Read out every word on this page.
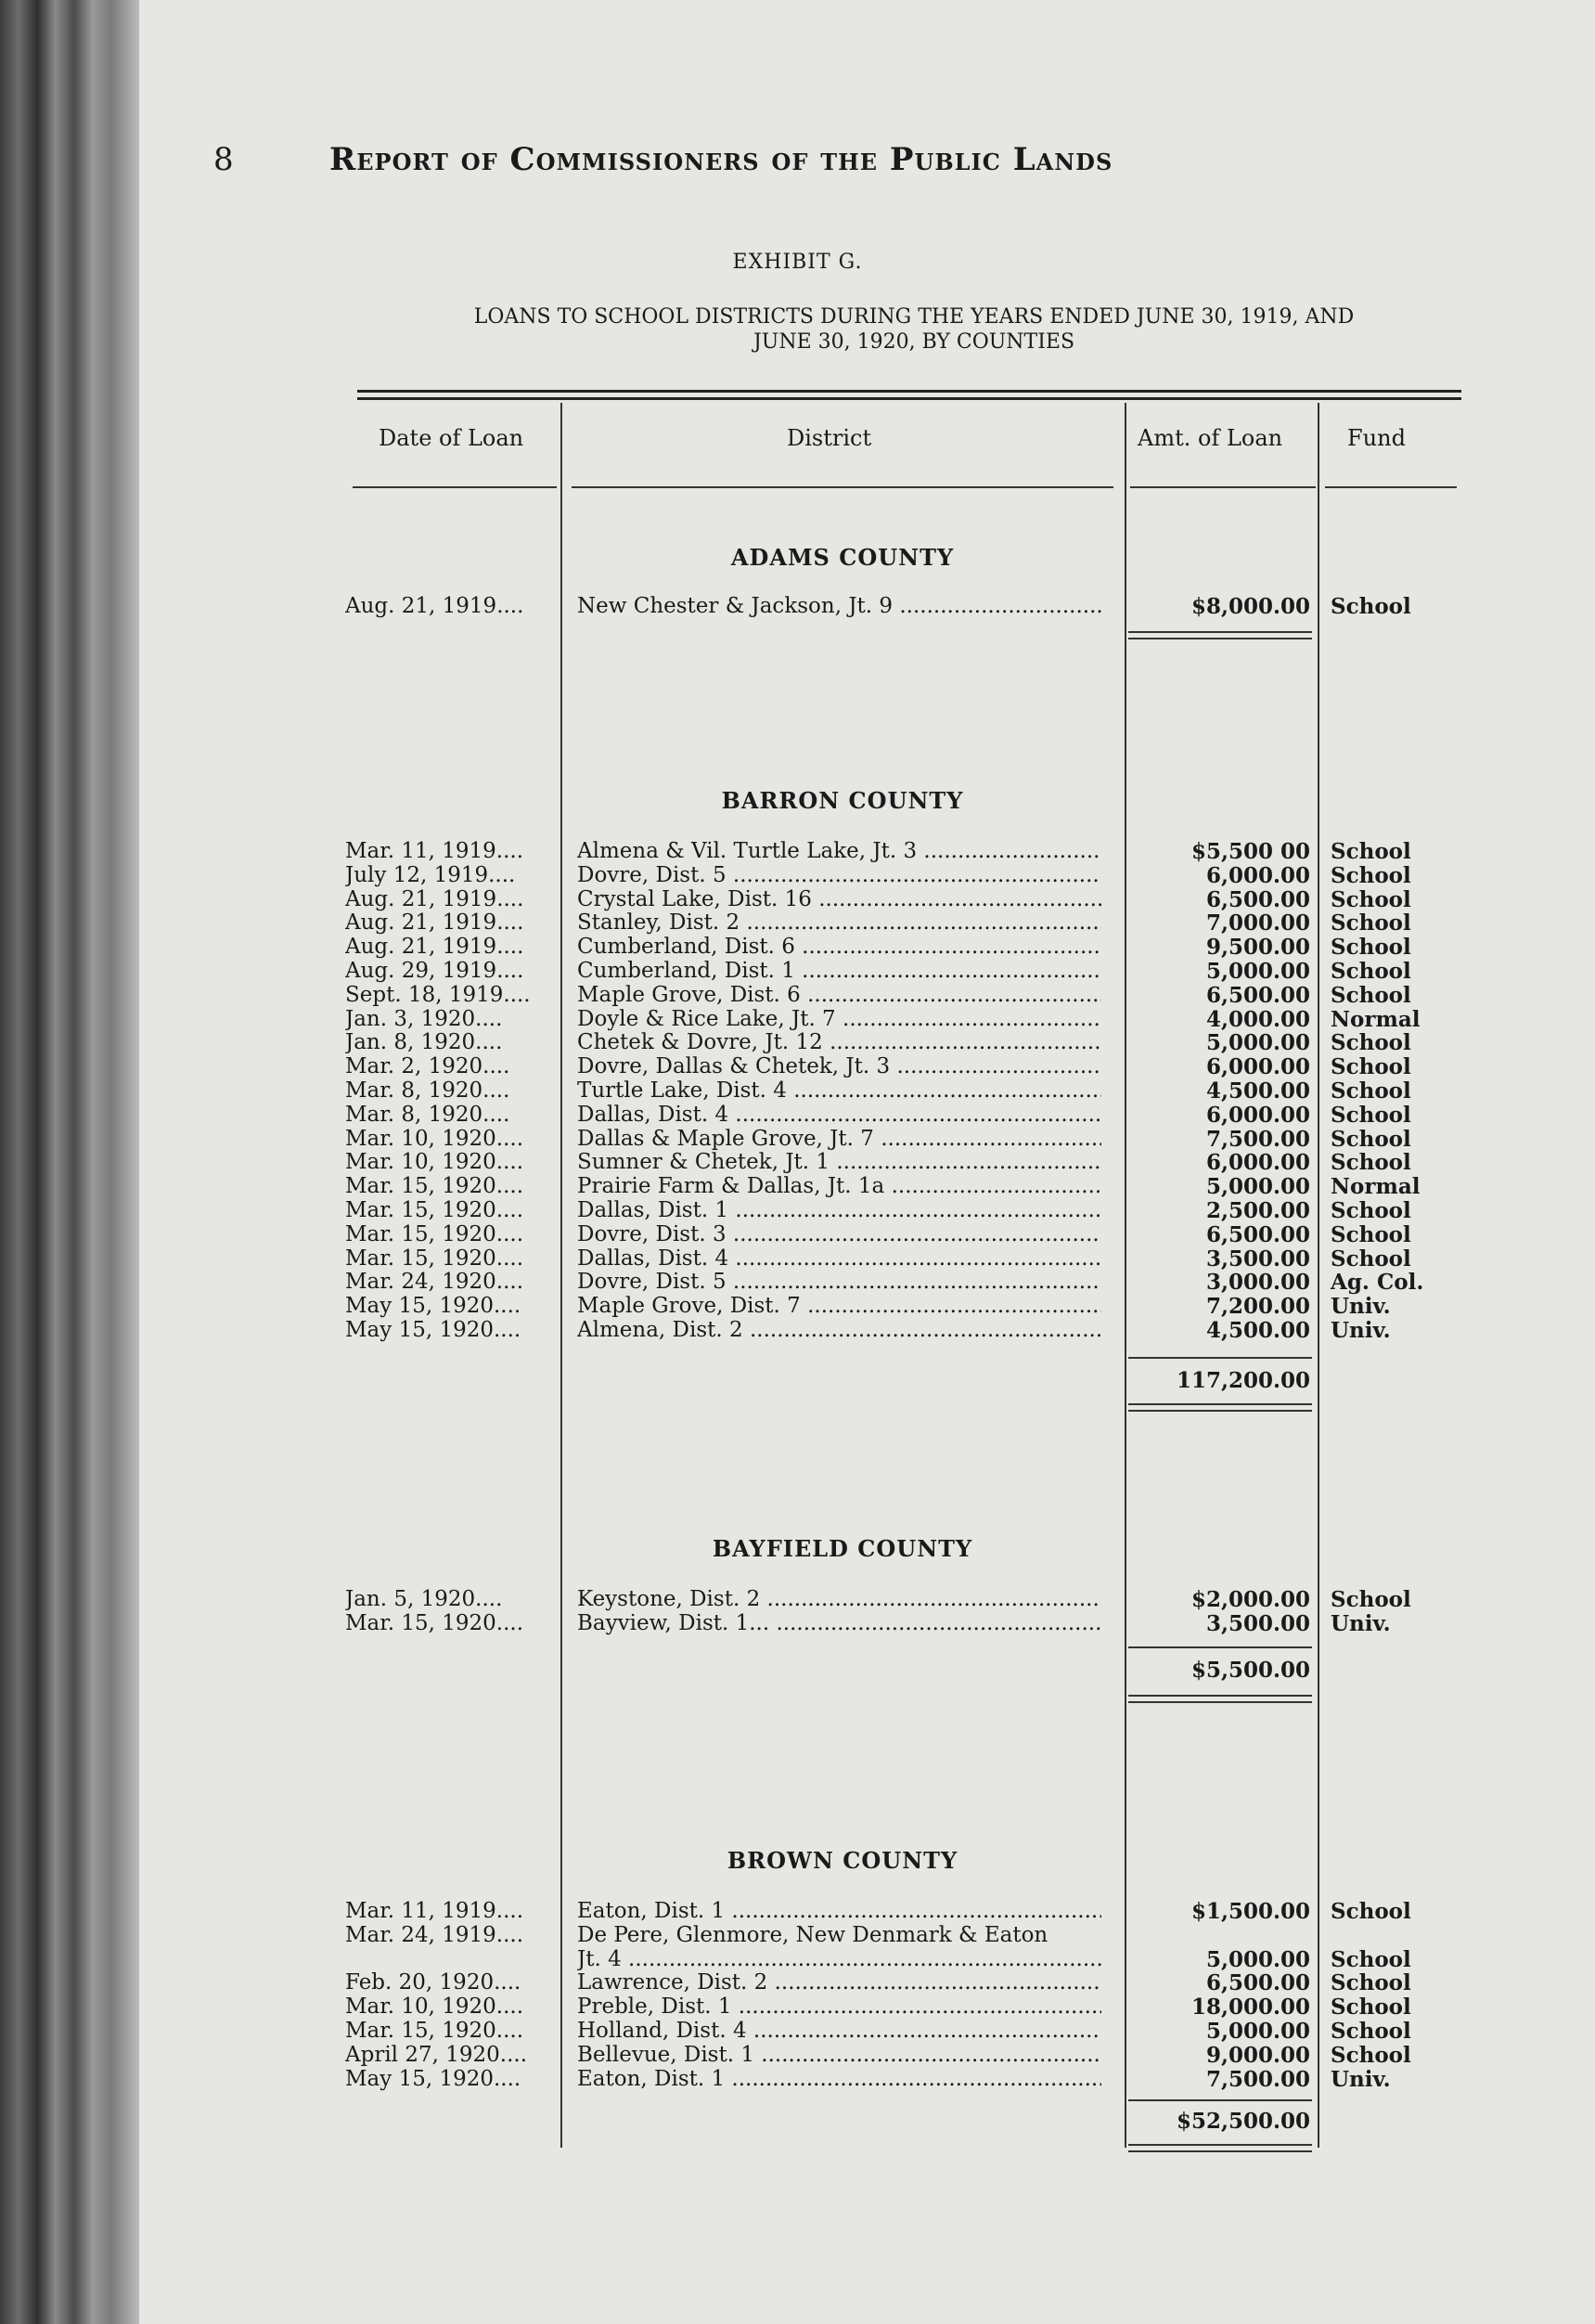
8	Report of Commissioners of the Public Lands
EXHIBIT G.
LOANS TO SCHOOL DISTRICTS DURING THE YEARS ENDED JUNE 30, 1919, AND
JUNE 30, 1920, BY COUNTIES
Date of Loan	District	Amt. of Loan	Fund
ADAMS COUNTY
Aug. 21, 1919....	New Chester & Jackson, Jt. 9 .....	$8,000.00 School
BARRON COUNTY
Mar. 11, 1919....	Almena & Vil. Turtle Lake, Jt. 3 .....	$5,500 00 School
July 12, 1919....	Dovre, Dist. 5 .....	6,000.00 School
Aug. 21, 1919....	Crystal Lake, Dist. 16 .....	6,500.00 School
Aug. 21, 1919....	Stanley, Dist. 2 .....	7,000.00 School
Aug. 21, 1919....	Cumberland, Dist. 6 .....	9,500.00 School
Aug. 29, 1919....	Cumberland, Dist. 1 .....	5,000.00 School
Sept. 18, 1919....	Maple Grove, Dist. 6 .....	6,500.00 School
Jan. 3, 1920....	Doyle & Rice Lake, Jt. 7 .....	4,000.00 Normal
Jan. 8, 1920....	Chetek & Dovre, Jt. 12 .....	5,000.00 School
Mar. 2, 1920....	Dovre, Dallas & Chetek, Jt. 3 .....	6,000.00 School
Mar. 8, 1920....	Turtle Lake, Dist. 4 .....	4,500.00 School
Mar. 8, 1920....	Dallas, Dist. 4 .....	6,000.00 School
Mar. 10, 1920....	Dallas & Maple Grove, Jt. 7 .....	7,500.00 School
Mar. 10, 1920....	Sumner & Chetek, Jt. 1 .....	6,000.00 School
Mar. 15, 1920....	Prairie Farm & Dallas, Jt. 1a .....	5,000.00 Normal
Mar. 15, 1920....	Dallas, Dist. 1 .....	2,500.00 School
Mar. 15, 1920....	Dovre, Dist. 3 .....	6,500.00 School
Mar. 15, 1920....	Dallas, Dist. 4 .....	3,500.00 School
Mar. 24, 1920....	Dovre, Dist. 5 .....	3,000.00 Ag. Col.
May 15, 1920....	Maple Grove, Dist. 7 .....	7,200.00 Univ.
May 15, 1920....	Almena, Dist. 2 .....	4,500.00 Univ.
117,200.00
BAYFIELD COUNTY
Jan. 5, 1920....	Keystone, Dist. 2 .....	$2,000.00 School
Mar. 15, 1920....	Bayview, Dist. 1... .....	3,500.00 Univ.
$5,500.00
BROWN COUNTY
Mar. 11, 1919....	Eaton, Dist. 1 .....	$1,500.00 School
Mar. 24, 1919....	De Pere, Glenmore, New Denmark & Eaton
Jt. 4 .....	5,000.00 School
Feb. 20, 1920....	Lawrence, Dist. 2 .....	6,500.00 School
Mar. 10, 1920....	Preble, Dist. 1 .....	18,000.00 School
Mar. 15, 1920....	Holland, Dist. 4 .....	5,000.00 School
April 27, 1920....	Bellevue, Dist. 1 .....	9,000.00 School
May 15, 1920....	Eaton, Dist. 1 .....	7,500.00 Univ.
$52,500.00
